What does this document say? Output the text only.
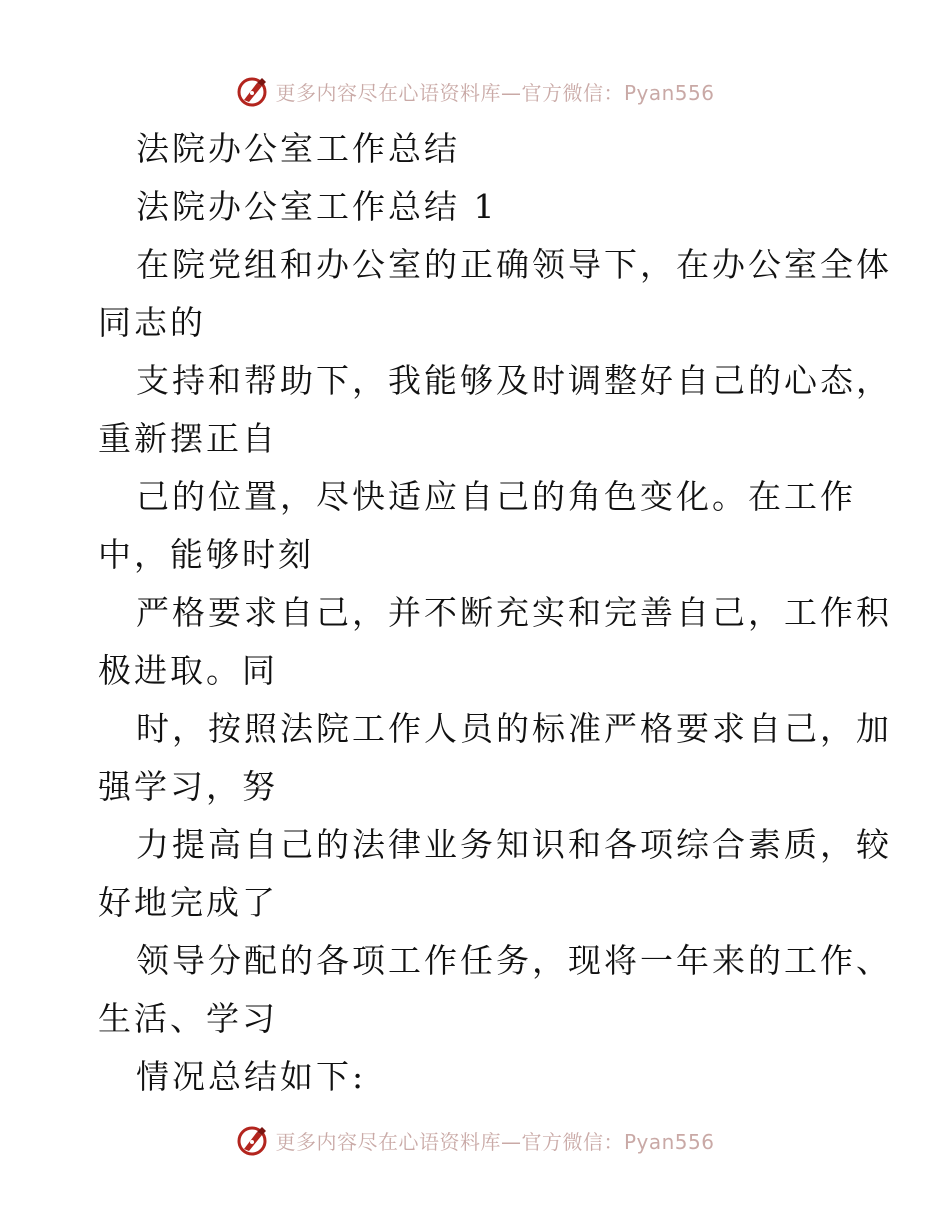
更多内容尽在心语资料库—官方微信：Pyan556
法院办公室工作总结
法院办公室工作总结 1
在院党组和办公室的正确领导下，在办公室全体
同志的
支持和帮助下，我能够及时调整好自己的心态，
重新摆正自
己的位置，尽快适应自己的角色变化。在工作
中，能够时刻
严格要求自己，并不断充实和完善自己，工作积
极进取。同
时，按照法院工作人员的标准严格要求自己，加
强学习，努
力提高自己的法律业务知识和各项综合素质，较
好地完成了
领导分配的各项工作任务，现将一年来的工作、
生活、学习
情况总结如下:
更多内容尽在心语资料库—官方微信：Pyan556
